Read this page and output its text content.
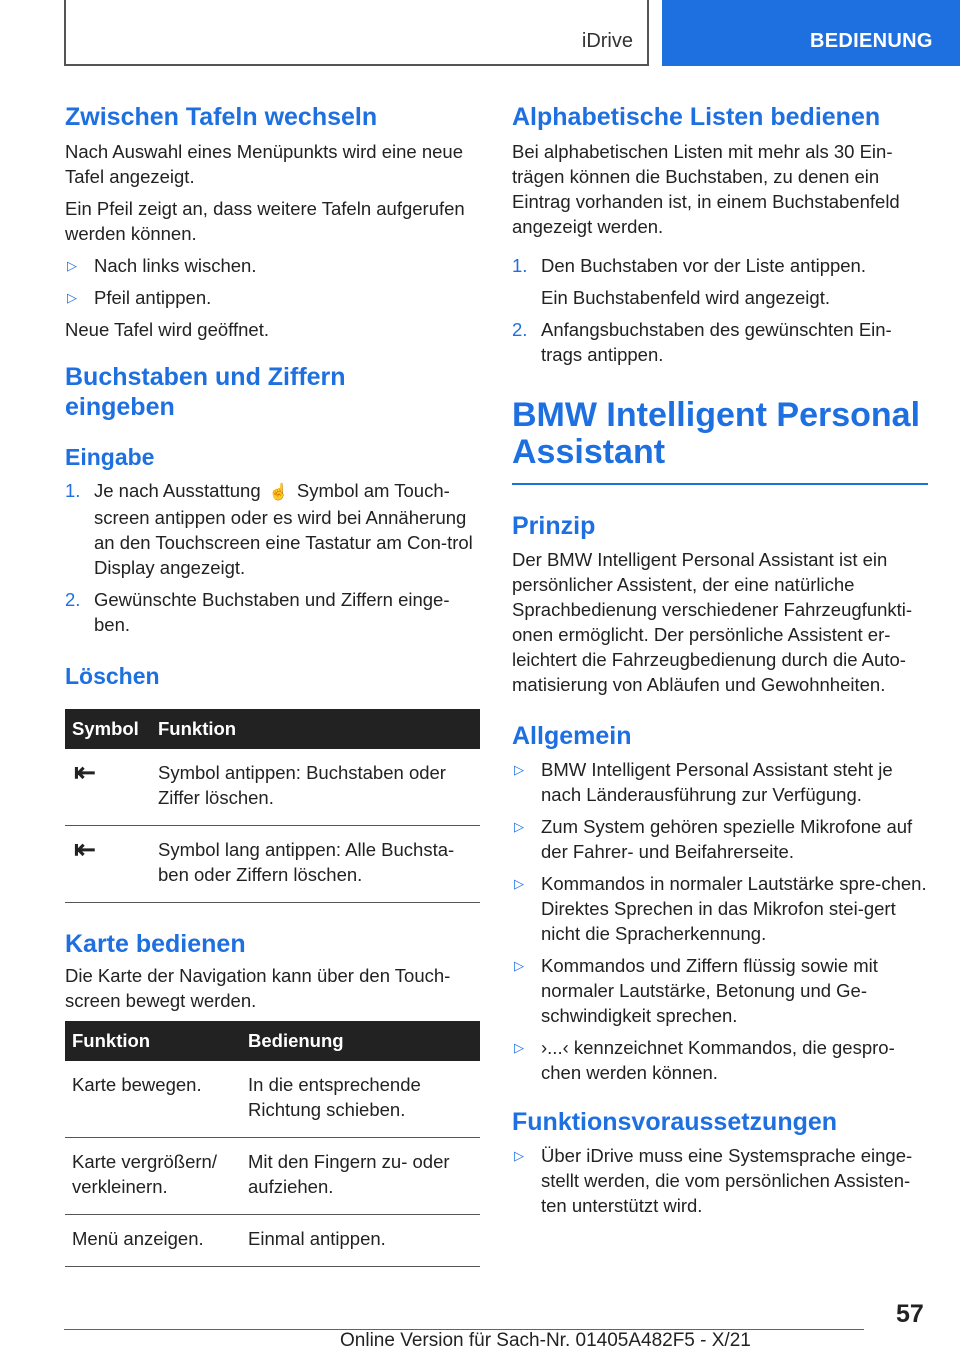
iDrive	BEDIENUNG
Zwischen Tafeln wechseln

Nach Auswahl eines Menüpunkts wird eine neue Tafel angezeigt.

Ein Pfeil zeigt an, dass weitere Tafeln aufgerufen werden können.

▷ Nach links wischen.
▷ Pfeil antippen.

Neue Tafel wird geöffnet.

Buchstaben und Ziffern
eingeben
Eingabe
1. Je nach Ausstattung ☝ Symbol am Touch-screen antippen oder es wird bei Annäherung an den Touchscreen eine Tastatur am Con-trol Display angezeigt.
2. Gewünschte Buchstaben und Ziffern einge-ben.
Löschen
Symbol	Funktion
⇤	Symbol antippen: Buchstaben oder Ziffer löschen.
⇤	Symbol lang antippen: Alle Buchsta-ben oder Ziffern löschen.
Karte bedienen

Die Karte der Navigation kann über den Touch-screen bewegt werden.

Funktion	Bedienung
Karte bewegen.	In die entsprechende Richtung schieben.
Karte vergrößern/ verkleinern.	Mit den Fingern zu- oder aufziehen.
Menü anzeigen.	Einmal antippen.
Alphabetische Listen bedienen

Bei alphabetischen Listen mit mehr als 30 Ein-trägen können die Buchstaben, zu denen ein Eintrag vorhanden ist, in einem Buchstabenfeld angezeigt werden.

1. Den Buchstaben vor der Liste antippen.

Ein Buchstabenfeld wird angezeigt.

2. Anfangsbuchstaben des gewünschten Ein-trags antippen.
BMW Intelligent Personal
Assistant
Prinzip

Der BMW Intelligent Personal Assistant ist ein persönlicher Assistent, der eine natürliche Sprachbedienung verschiedener Fahrzeugfunkti-onen ermöglicht. Der persönliche Assistent er-leichtert die Fahrzeugbedienung durch die Auto-matisierung von Abläufen und Gewohnheiten.

Allgemein
▷ BMW Intelligent Personal Assistant steht je nach Länderausführung zur Verfügung.
▷ Zum System gehören spezielle Mikrofone auf der Fahrer- und Beifahrerseite.
▷ Kommandos in normaler Lautstärke spre-chen. Direktes Sprechen in das Mikrofon stei-gert nicht die Spracherkennung.
▷ Kommandos und Ziffern flüssig sowie mit normaler Lautstärke, Betonung und Ge-schwindigkeit sprechen.
▷ ›...‹ kennzeichnet Kommandos, die gespro-chen werden können.
Funktionsvoraussetzungen
▷ Über iDrive muss eine Systemsprache einge-stellt werden, die vom persönlichen Assisten-ten unterstützt wird.
57
Online Version für Sach-Nr. 01405A482F5 - X/21
